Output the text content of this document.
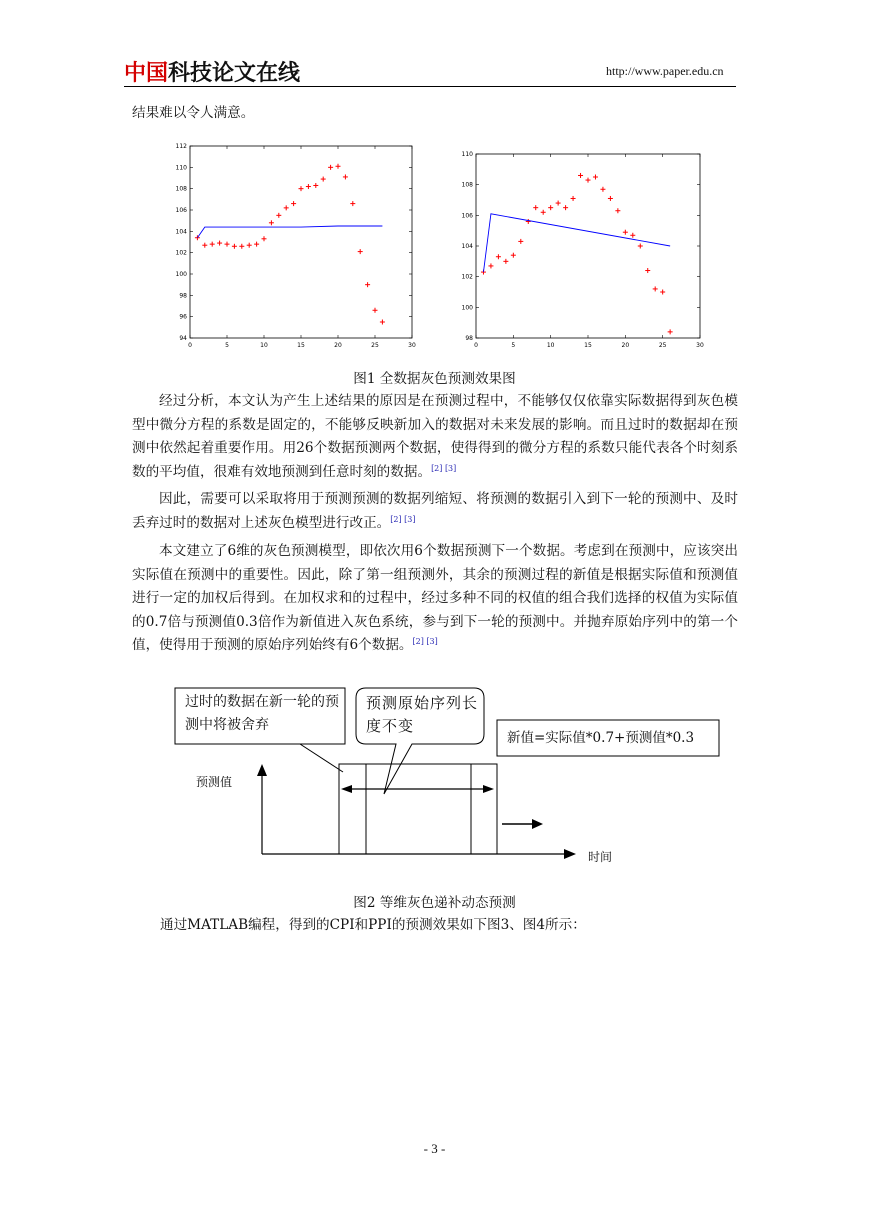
中国科技论文在线	http://www.paper.edu.cn
结果难以令人满意。
0	5	10	15	20	25	30
94
96
98
100
102
104
106
108
110
112
0	5	10	15	20	25	30
98
100
102
104
106
108
110
图1 全数据灰色预测效果图
经过分析，本文认为产生上述结果的原因是在预测过程中，不能够仅仅依靠实际数据得到灰色模型中微分方程的系数是固定的，不能够反映新加入的数据对未来发展的影响。而且过时的数据却在预测中依然起着重要作用。用26个数据预测两个数据，使得得到的微分方程的系数只能代表各个时刻系数的平均值，很难有效地预测到任意时刻的数据。[2] [3]
因此，需要可以采取将用于预测预测的数据列缩短、将预测的数据引入到下一轮的预测中、及时丢弃过时的数据对上述灰色模型进行改正。[2] [3]
本文建立了6维的灰色预测模型，即依次用6个数据预测下一个数据。考虑到在预测中，应该突出实际值在预测中的重要性。因此，除了第一组预测外，其余的预测过程的新值是根据实际值和预测值进行一定的加权后得到。在加权求和的过程中，经过多种不同的权值的组合我们选择的权值为实际值的0.7倍与预测值0.3倍作为新值进入灰色系统，参与到下一轮的预测中。并抛弃原始序列中的第一个值，使得用于预测的原始序列始终有6个数据。[2] [3]
过时的数据在新一轮的预测中将被舍弃
预测原始序列长度不变
新值=实际值*0.7+预测值*0.3
预测值
时间
图2 等维灰色递补动态预测
通过MATLAB编程，得到的CPI和PPI的预测效果如下图3、图4所示：
- 3 -
